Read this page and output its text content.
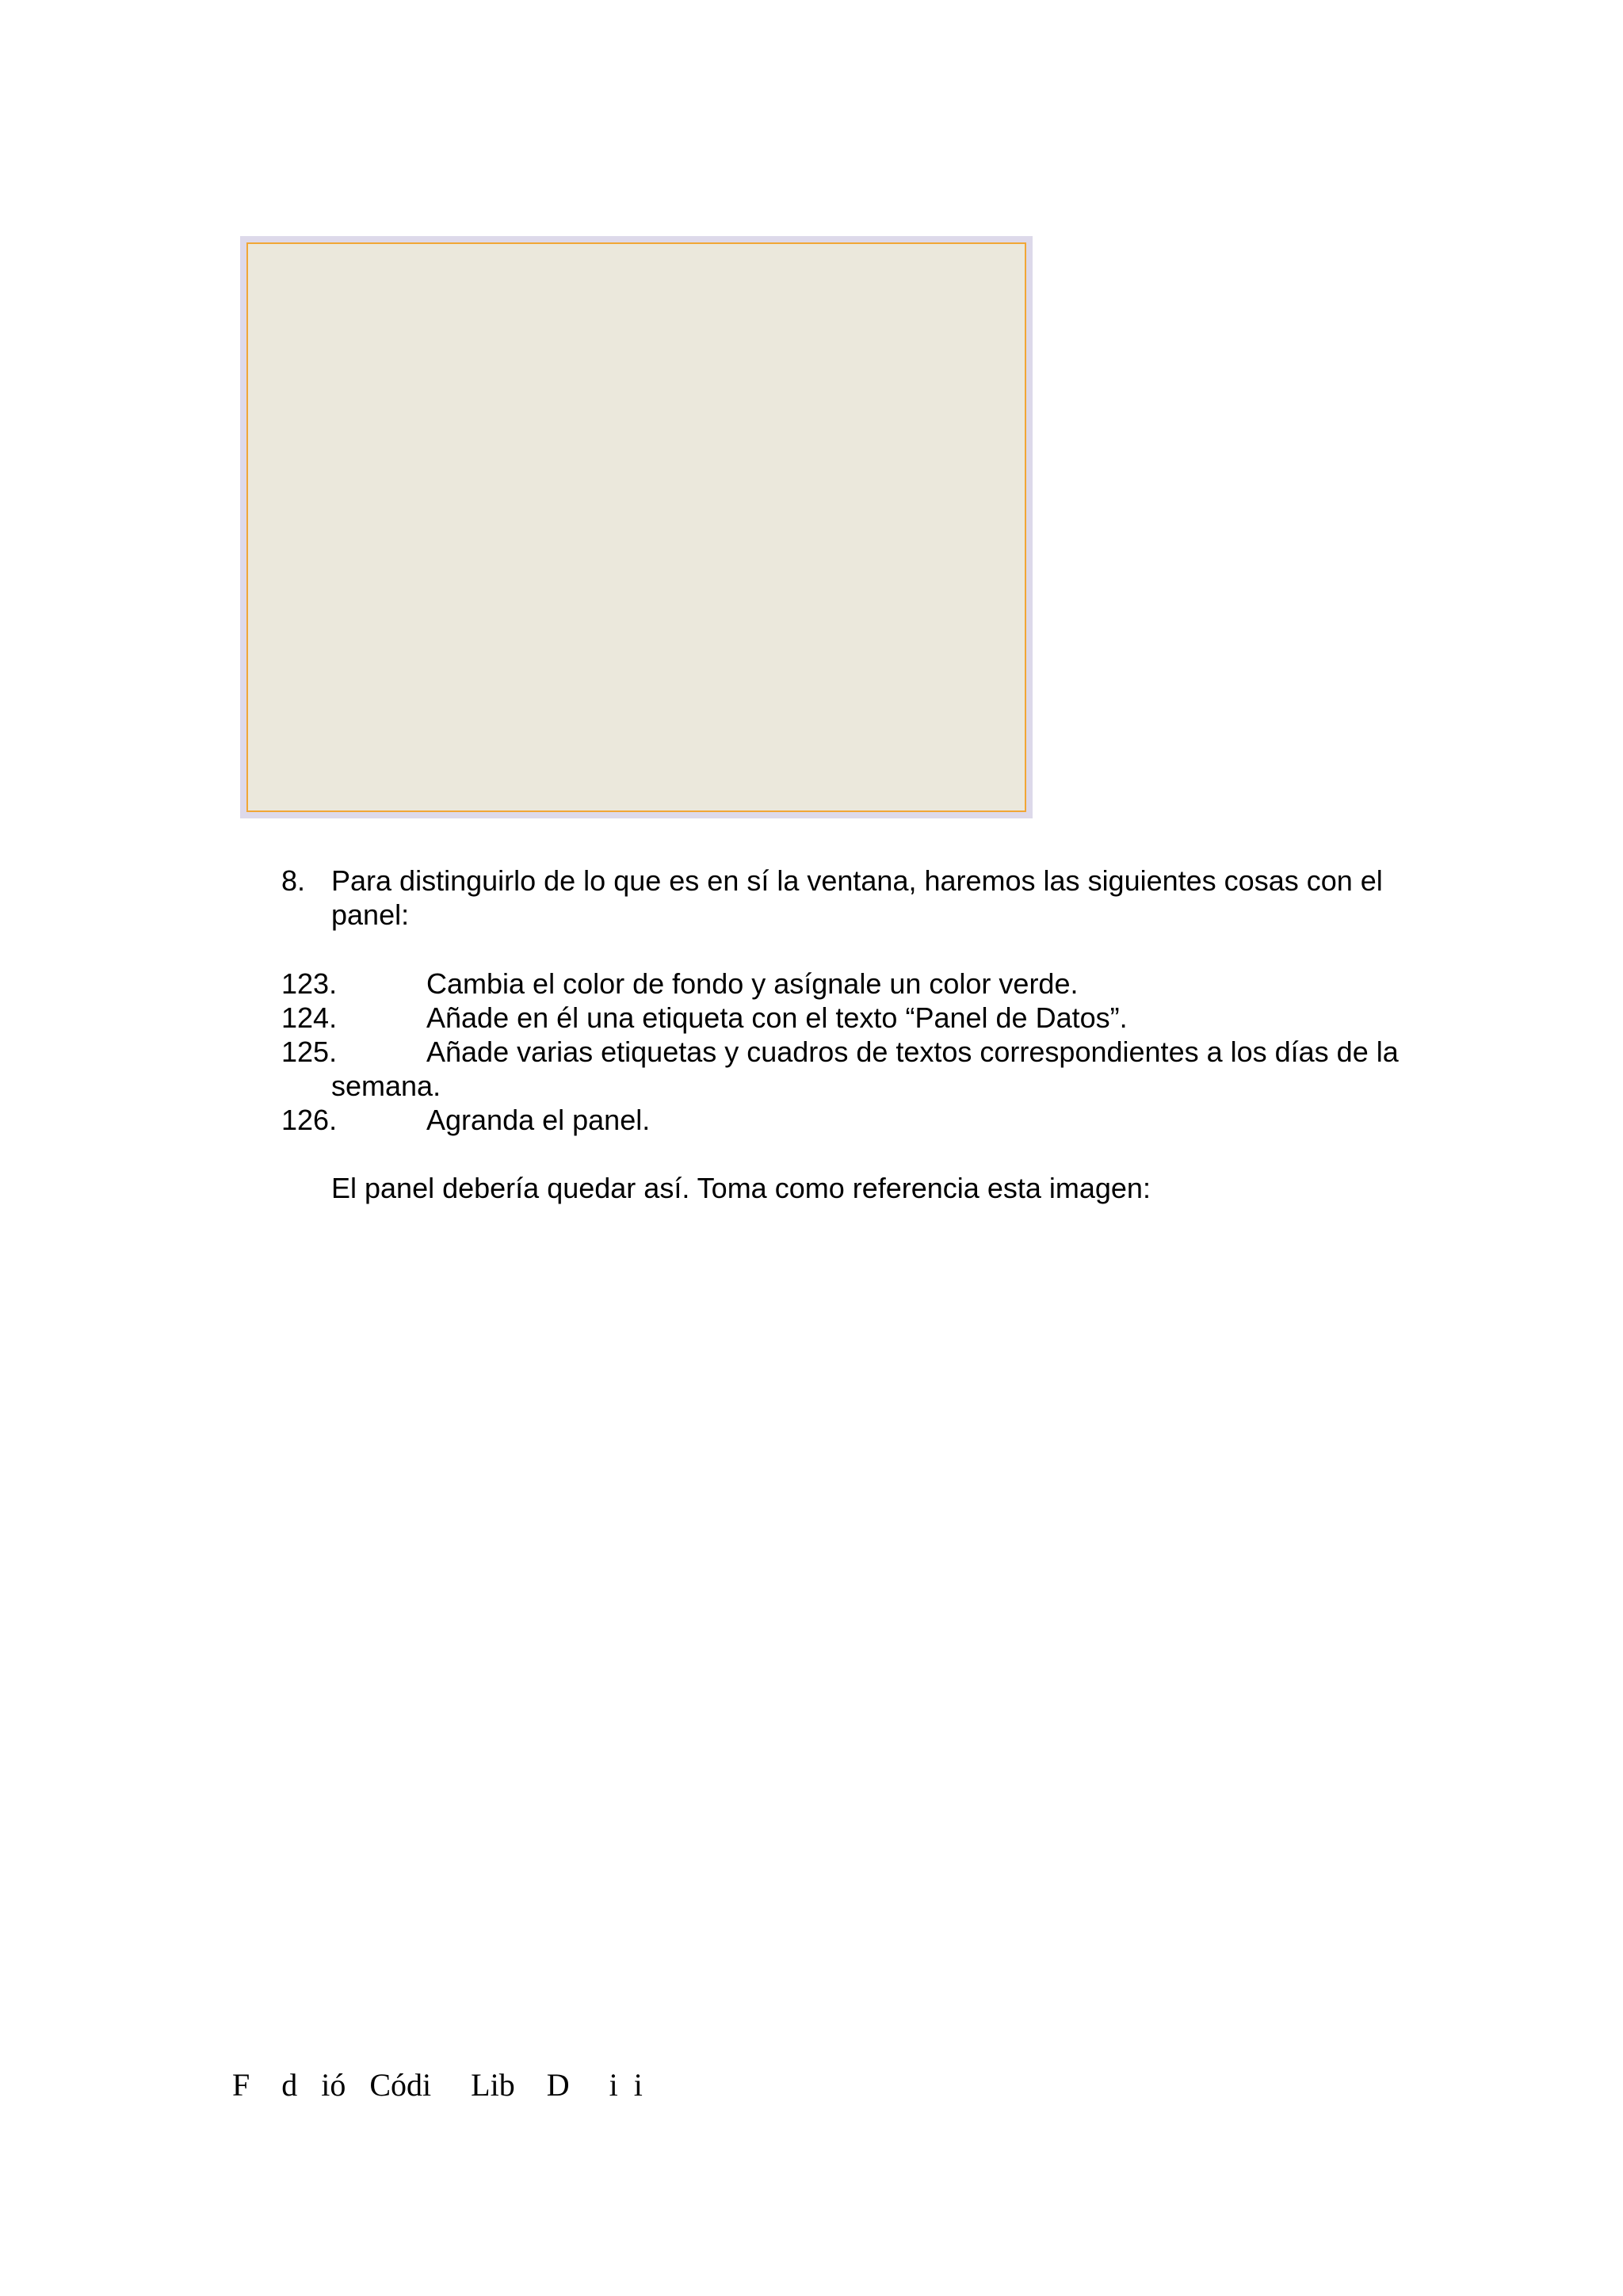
8. Para distinguirlo de lo que es en sí la ventana, haremos las siguientes cosas con el panel:
123.	Cambia el color de fondo y asígnale un color verde.
124.	Añade en él una etiqueta con el texto “Panel de Datos”.
125.	Añade varias etiquetas y cuadros de textos correspondientes a los días de la
semana.
126.	Agranda el panel.
El panel debería quedar así. Toma como referencia esta imagen:
F    d   ió   Códi     Lib    D     i  i
